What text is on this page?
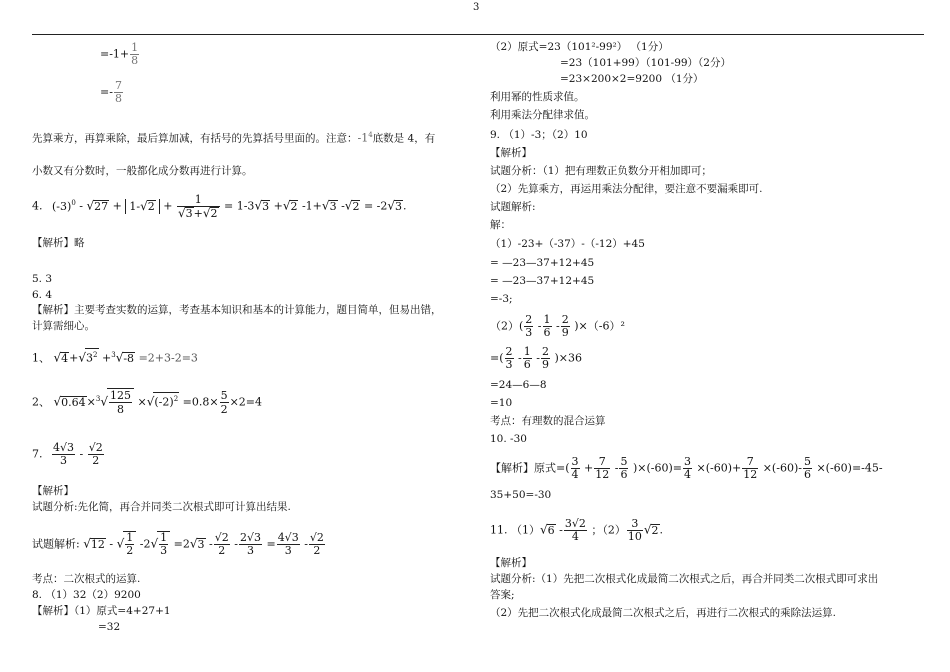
3
$=-1+ \frac{1}{8}$
=- $\frac{7}{8}$
先算乘方，再算乘除，最后算加减，有括号的先算括号里面的。注意：$-1^4$底数是 4，有
小数又有分数时，一般都化成分数再进行计算。
4. $(-3)^0 - √27 + 1-√2 + \frac{1}{√3+√2} = 1-3√3 +√2$ -1+√3 -√2 = -2√3.
【解析】略
5. 3
6. 4
【解析】主要考查实数的运算，考查基本知识和基本的计算能力，题目简单，但易出错，
计算需细心。
1、 $√4+√3^2 +^3√-8 =2+3-2=3$
2、 $√0.64\times^3√ \frac{125}{8} \times√(-2)^2 =0.8\times \frac{5}{2} \times 2=4$
7. $\frac{4√3}{3} - \frac{√2}{2}$
【解析】
试题分析:先化简，再合并同类二次根式即可计算出结果.
试题解析: √12 - √ $\frac{1}{2} -2√ \frac{1}{3} =2√3 - \frac{√2}{2} - \frac{2√3}{3} = \frac{4√3}{3} - \frac{√2}{2}$
考点：二次根式的运算.
8. （1）32（2）9200
【解析】（1）原式=4+27+1
=32
（2）原式=23（101²-99²） （1分）
=23（101+99）（101-99）（2分）
=23×200×2=9200 （1分）
利用幂的性质求值。
利用乘法分配律求值。
9. （1）-3；（2）10
【解析】
试题分析：（1）把有理数正负数分开相加即可；
（2）先算乘方，再运用乘法分配律，要注意不要漏乘即可.
试题解析:
解：
（1）-23+（-37）-（-12）+45
= —23—37+12+45
= —23—37+12+45
=-3;
$(2)( \frac{2}{3} - \frac{1}{6} - \frac{2}{9} )\times(-6)^2$
=( $\frac{2}{3} - \frac{1}{6} - \frac{2}{9} )\times 36$
=24—6—8
=10
考点：有理数的混合运算
10. -30
【解析】原式=( $\frac{3}{4} + \frac{7}{12} - \frac{5}{6} )\times(-60)= \frac{3}{4} \times(-60)+ \frac{7}{12} \times(-60)- \frac{5}{6} \times(-60)=-45-$
35+50=-30
11. $(1)√6 - \frac{3√2}{4}$ ；$(2) \frac{3}{10} √2$.
【解析】
试题分析:（1）先把二次根式化成最简二次根式之后，再合并同类二次根式即可求出
答案;
（2）先把二次根式化成最简二次根式之后，再进行二次根式的乘除法运算.
